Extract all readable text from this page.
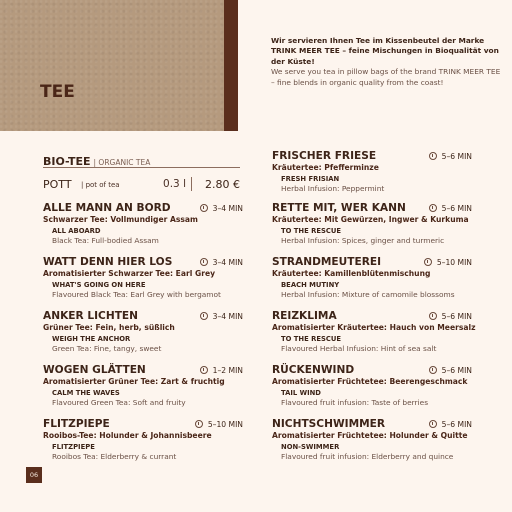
TEE
Wir servieren Ihnen Tee im Kissenbeutel der Marke TRINK MEER TEE – feine Mischungen in Bioqualität von der Küste!
We serve you tea in pillow bags of the brand TRINK MEER TEE – fine blends in organic quality from the coast!
BIO-TEE | ORGANIC TEA
POTT | pot of tea	0.3 l 2.80 €
ALLE MANN AN BORD	3–4 MIN
Schwarzer Tee: Vollmundiger Assam
ALL ABOARD
Black Tea: Full-bodied Assam
WATT DENN HIER LOS	3–4 MIN
Aromatisierter Schwarzer Tee: Earl Grey
WHAT'S GOING ON HERE
Flavoured Black Tea: Earl Grey with bergamot
ANKER LICHTEN	3–4 MIN
Grüner Tee: Fein, herb, süßlich
WEIGH THE ANCHOR
Green Tea: Fine, tangy, sweet
WOGEN GLÄTTEN	1–2 MIN
Aromatisierter Grüner Tee: Zart & fruchtig
CALM THE WAVES
Flavoured Green Tea: Soft and fruity
FLITZPIEPE	5–10 MIN
Rooibos-Tee: Holunder & Johannisbeere
FLITZPIEPE
Rooibos Tea: Elderberry & currant
FRISCHER FRIESE	5–6 MIN
Kräutertee: Pfefferminze
FRESH FRISIAN
Herbal Infusion: Peppermint
RETTE MIT, WER KANN	5–6 MIN
Kräutertee: Mit Gewürzen, Ingwer & Kurkuma
TO THE RESCUE
Herbal Infusion: Spices, ginger and turmeric
STRANDMEUTEREI	5–10 MIN
Kräutertee: Kamillenblütenmischung
BEACH MUTINY
Herbal Infusion: Mixture of camomile blossoms
REIZKLIMA	5–6 MIN
Aromatisierter Kräutertee: Hauch von Meersalz
TO THE RESCUE
Flavoured Herbal Infusion: Hint of sea salt
RÜCKENWIND	5–6 MIN
Aromatisierter Früchtetee: Beerengeschmack
TAIL WIND
Flavoured fruit infusion: Taste of berries
NICHTSCHWIMMER	5–6 MIN
Aromatisierter Früchtetee: Holunder & Quitte
NON-SWIMMER
Flavoured fruit infusion: Elderberry and quince
06
